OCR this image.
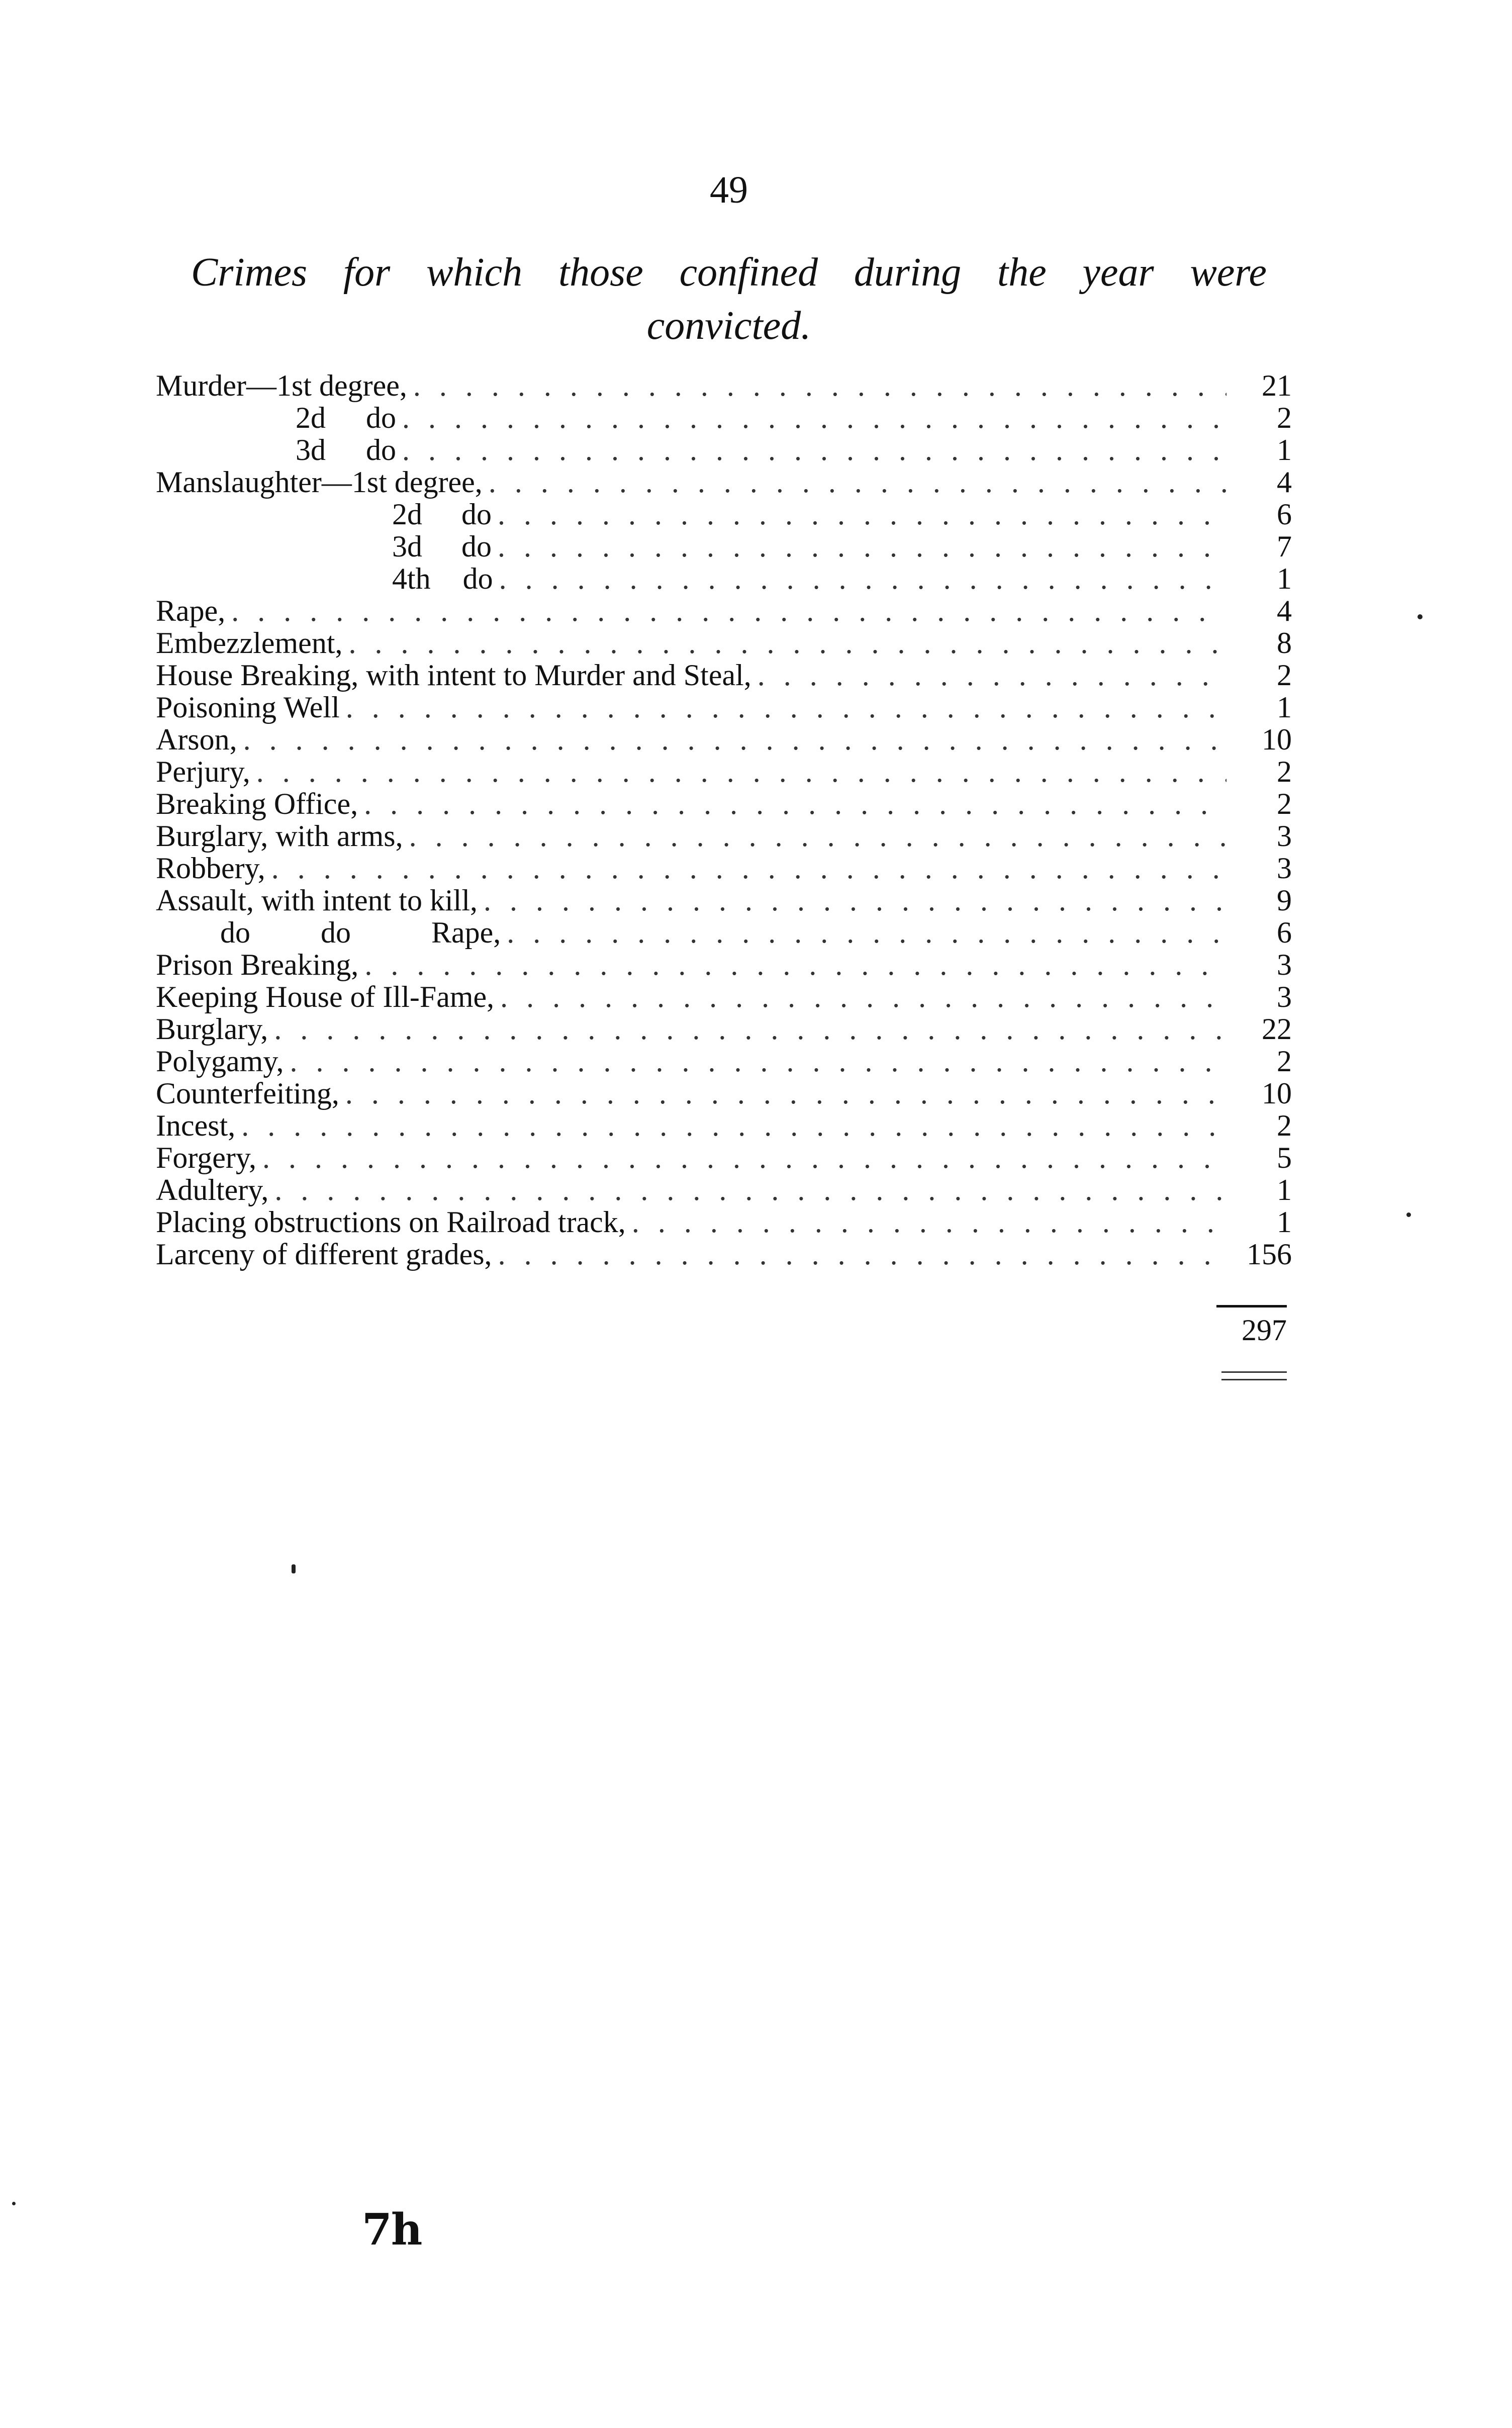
49
Crimes for which those confined during the year were
convicted.
Murder—1st degree, . . .	21
2d do . . .	2
3d do . . .	1
Manslaughter—1st degree, . . .	4
2d do . . .	6
3d do . . .	7
4th do . . .	1
Rape, . . .	4
Embezzlement, . . .	8
House Breaking, with intent to Murder and Steal, . . .	2
Poisoning Well . . .	1
Arson, . . .	10
Perjury, . . .	2
Breaking Office, . . .	2
Burglary, with arms, . . .	3
Robbery, . . .	3
Assault, with intent to kill, . . .	9
do do	Rape, . . .	6
Prison Breaking, . . .	3
Keeping House of Ill-Fame, . . .	3
Burglary, . . .	22
Polygamy, . . .	2
Counterfeiting, . . .	10
Incest, . . .	2
Forgery, . . .	5
Adultery, . . .	1
Placing obstructions on Railroad track, . . .	1
Larceny of different grades, . . .	156
297
7h
